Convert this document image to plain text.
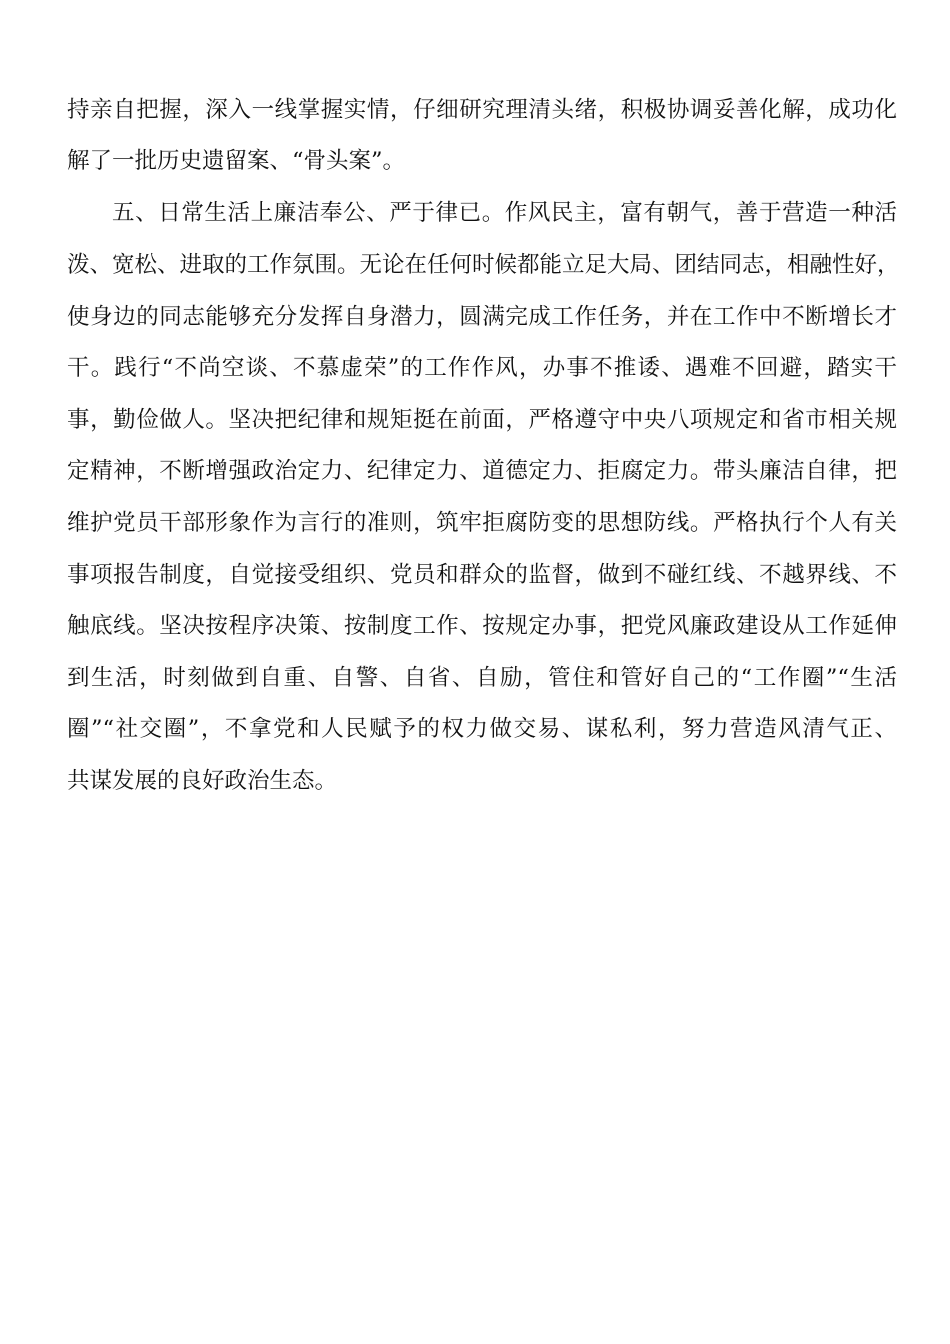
持亲自把握，深入一线掌握实情，仔细研究理清头绪，积极协调妥善化解，成功化
解了一批历史遗留案、“骨头案”。
五、日常生活上廉洁奉公、严于律已。作风民主，富有朝气，善于营造一种活
泼、宽松、进取的工作氛围。无论在任何时候都能立足大局、团结同志，相融性好，
使身边的同志能够充分发挥自身潜力，圆满完成工作任务，并在工作中不断增长才
干。践行“不尚空谈、不慕虚荣”的工作作风，办事不推诿、遇难不回避，踏实干
事，勤俭做人。坚决把纪律和规矩挺在前面，严格遵守中央八项规定和省市相关规
定精神，不断增强政治定力、纪律定力、道德定力、拒腐定力。带头廉洁自律，把
维护党员干部形象作为言行的准则，筑牢拒腐防变的思想防线。严格执行个人有关
事项报告制度，自觉接受组织、党员和群众的监督，做到不碰红线、不越界线、不
触底线。坚决按程序决策、按制度工作、按规定办事，把党风廉政建设从工作延伸
到生活，时刻做到自重、自警、自省、自励，管住和管好自己的“工作圈”“生活
圈”“社交圈”，不拿党和人民赋予的权力做交易、谋私利，努力营造风清气正、
共谋发展的良好政治生态。
